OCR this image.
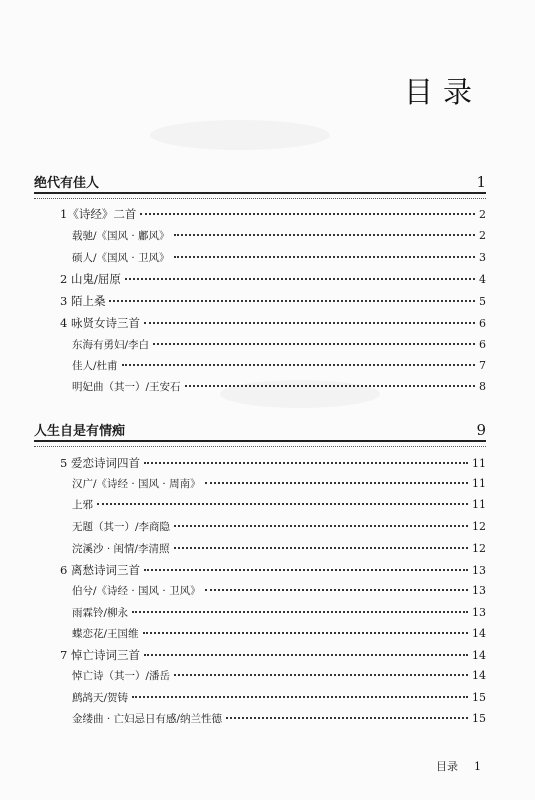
目录
绝代有佳人	1
1《诗经》二首	2
载驰/《国风 · 鄘风》	2
硕人/《国风 · 卫风》	3
2 山鬼/屈原	4
3 陌上桑	5
4 咏贤女诗三首	6
东海有勇妇/李白	6
佳人/杜甫	7
明妃曲（其一）/王安石	8
人生自是有情痴	9
5 爱恋诗词四首	11
汉广/《诗经 · 国风 · 周南》	11
上邪	11
无题（其一）/李商隐	12
浣溪沙 · 闺情/李清照	12
6 离愁诗词三首	13
伯兮/《诗经 · 国风 · 卫风》	13
雨霖铃/柳永	13
蝶恋花/王国维	14
7 悼亡诗词三首	14
悼亡诗（其一）/潘岳	14
鹧鸪天/贺铸	15
金缕曲 · 亡妇忌日有感/纳兰性德	15
目录 1
